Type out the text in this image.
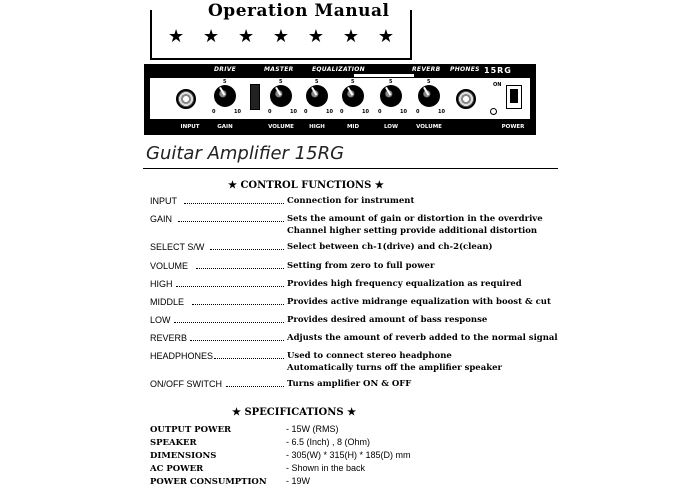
Operation Manual
★ ★ ★ ★ ★ ★ ★
DRIVE	MASTER	EQUALIZATION	REVERB PHONES 15RG
5
0	10
5
0	10
5
0	10
5
0	10
5
0	10
5
0	10
ON
INPUT	GAIN	VOLUME	HIGH	MID	LOW	VOLUME	POWER
Guitar Amplifier 15RG
★ CONTROL FUNCTIONS ★
INPUT	Connection for instrument
GAIN	Sets the amount of gain or distortion in the overdrive
Channel higher setting provide additional distortion
SELECT S/W	Select between ch-1(drive) and ch-2(clean)
VOLUME	Setting from zero to full power
HIGH	Provides high frequency equalization as required
MIDDLE	Provides active midrange equalization with boost & cut
LOW	Provides desired amount of bass response
REVERB	Adjusts the amount of reverb added to the normal signal
HEADPHONES	Used to connect stereo headphone
Automatically turns off the amplifier speaker
ON/OFF SWITCH	Turns amplifier ON & OFF
★ SPECIFICATIONS ★
OUTPUT POWER	- 15W (RMS)
SPEAKER	- 6.5 (Inch) , 8 (Ohm)
DIMENSIONS	- 305(W) * 315(H) * 185(D) mm
AC POWER	- Shown in the back
POWER CONSUMPTION - 19W
